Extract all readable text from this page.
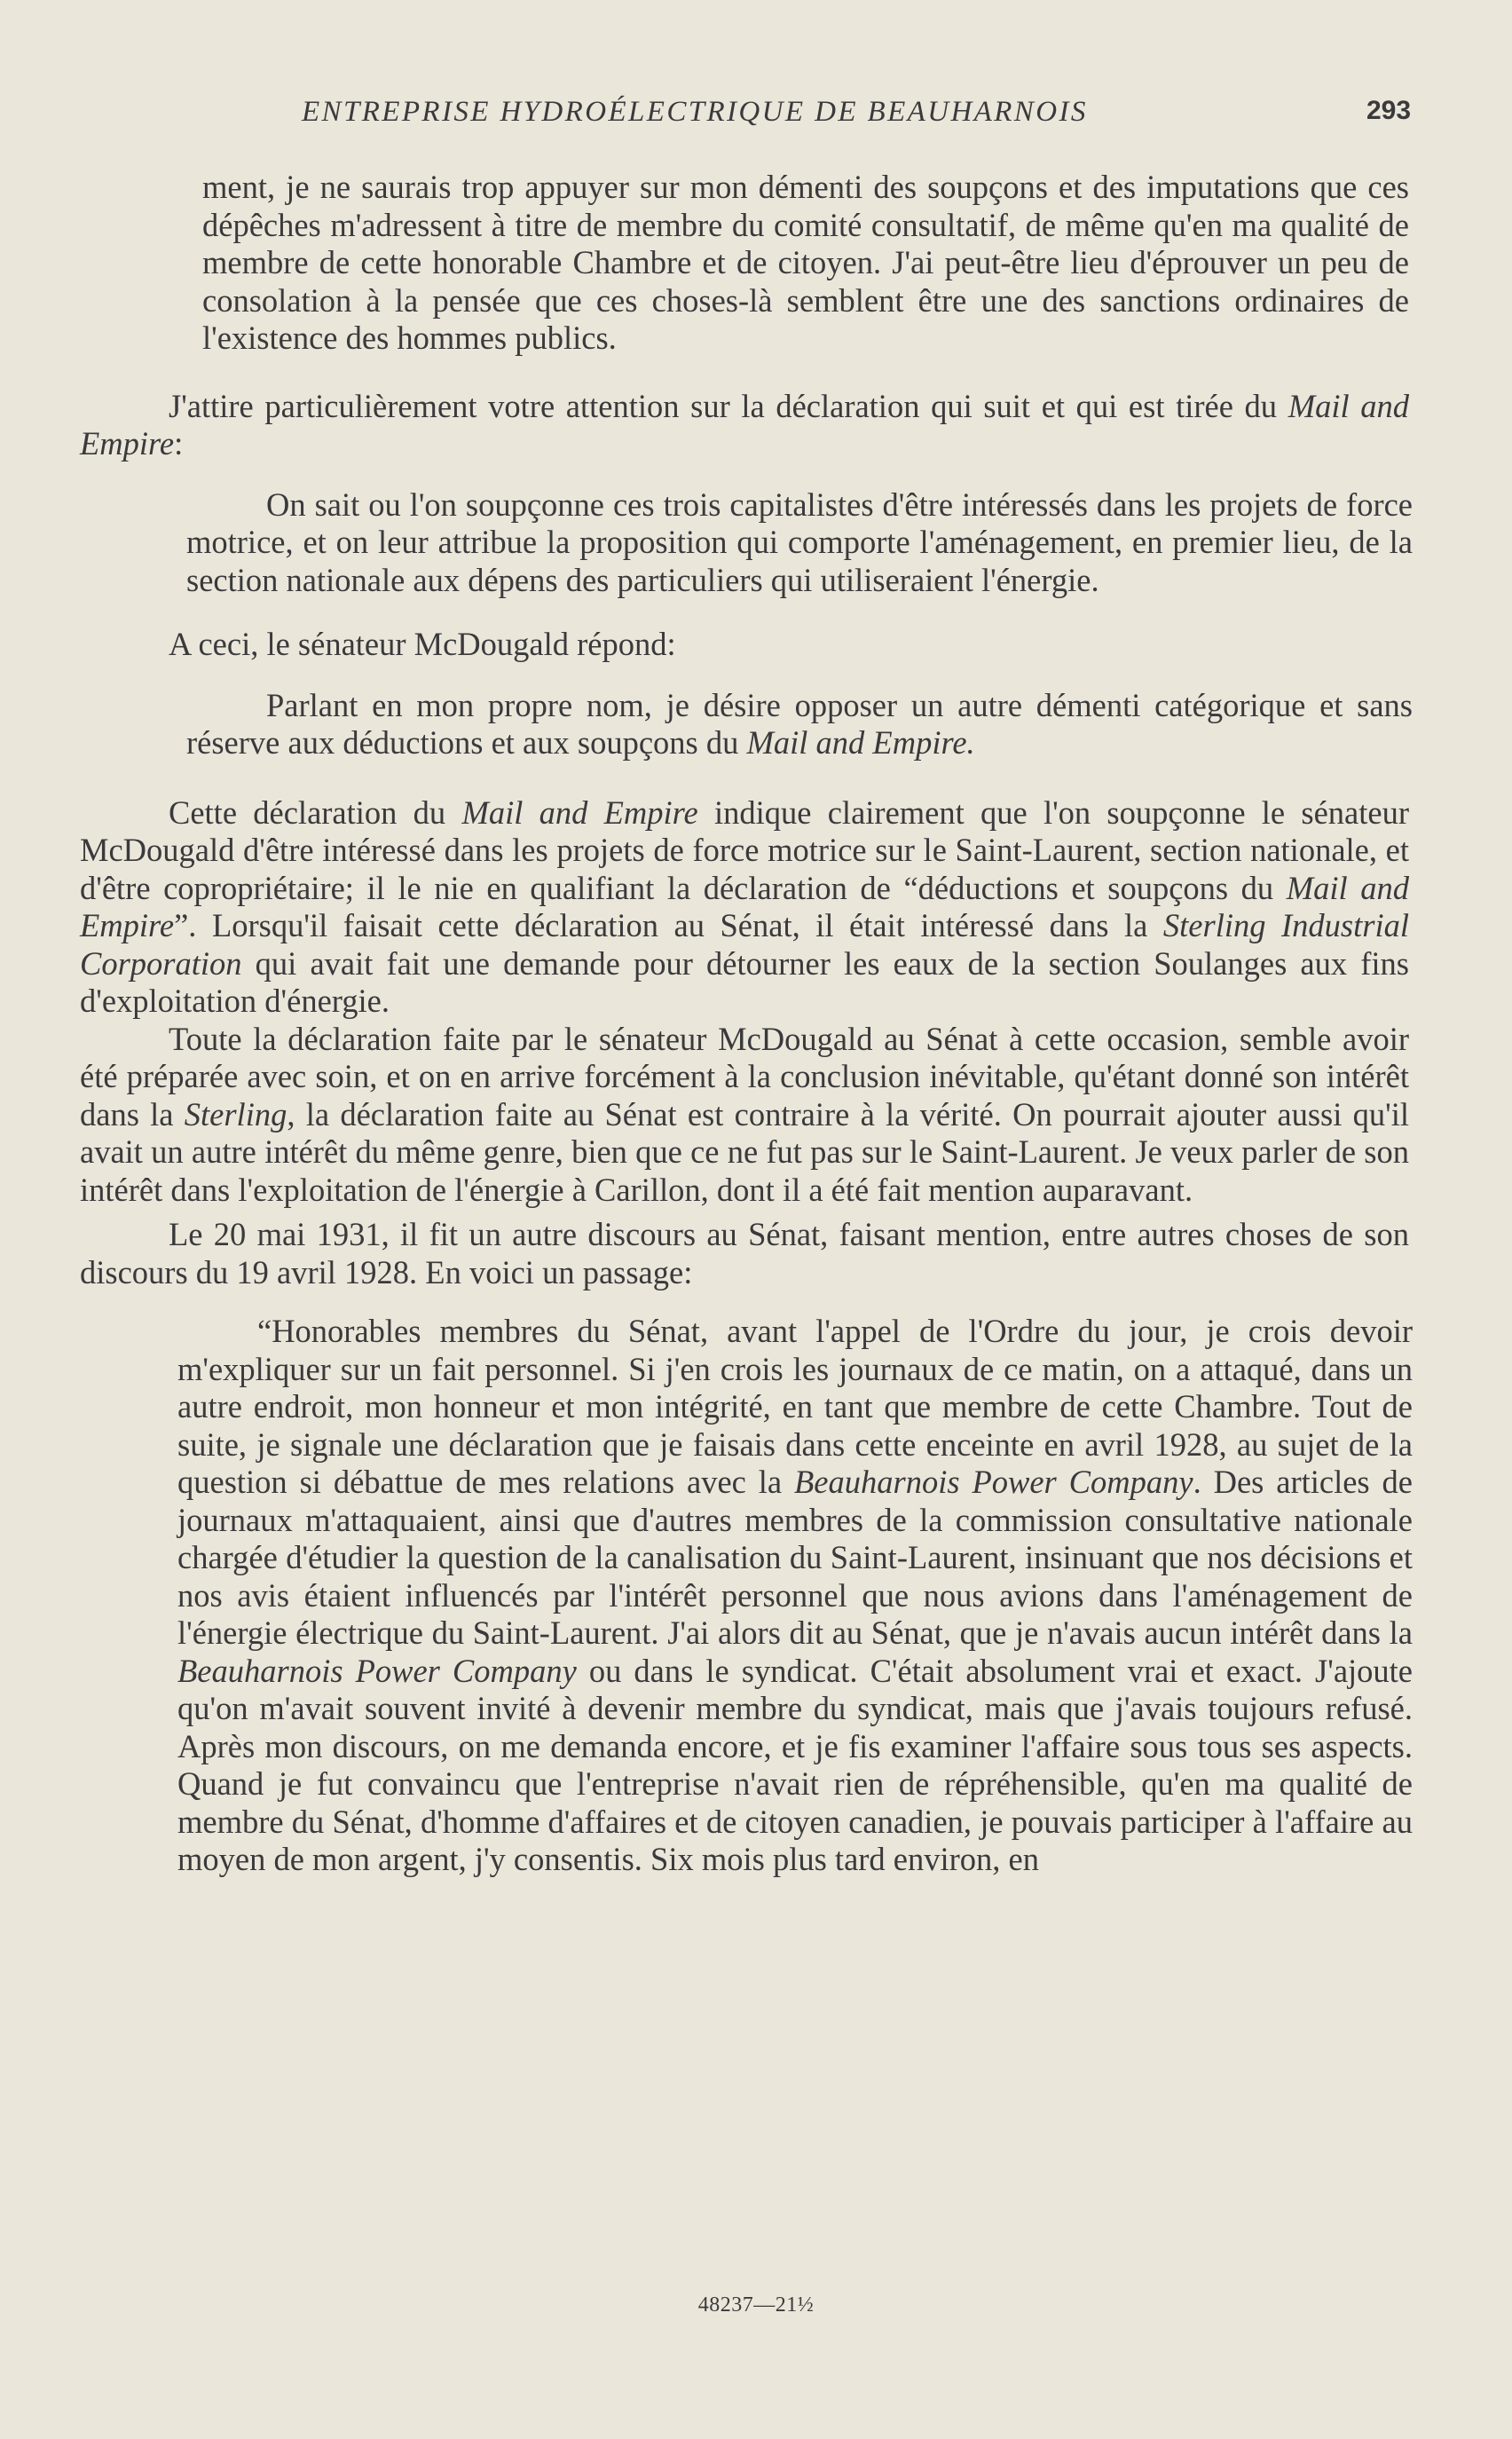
ENTREPRISE HYDROÉLECTRIQUE DE BEAUHARNOIS	293

ment, je ne saurais trop appuyer sur mon démenti des soupçons et des imputations que ces dépêches m'adressent à titre de membre du comité consultatif, de même qu'en ma qualité de membre de cette honorable Chambre et de citoyen. J'ai peut-être lieu d'éprouver un peu de consolation à la pensée que ces choses-là semblent être une des sanctions ordinaires de l'existence des hommes publics.

J'attire particulièrement votre attention sur la déclaration qui suit et qui est tirée du Mail and Empire:

On sait ou l'on soupçonne ces trois capitalistes d'être intéressés dans les projets de force motrice, et on leur attribue la proposition qui comporte l'aménagement, en premier lieu, de la section nationale aux dépens des particuliers qui utiliseraient l'énergie.

A ceci, le sénateur McDougald répond:

Parlant en mon propre nom, je désire opposer un autre démenti catégorique et sans réserve aux déductions et aux soupçons du Mail and Empire.

Cette déclaration du Mail and Empire indique clairement que l'on soupçonne le sénateur McDougald d'être intéressé dans les projets de force motrice sur le Saint-Laurent, section nationale, et d'être copropriétaire; il le nie en qualifiant la déclaration de “déductions et soupçons du Mail and Empire”. Lorsqu'il faisait cette déclaration au Sénat, il était intéressé dans la Sterling Industrial Corporation qui avait fait une demande pour détourner les eaux de la section Soulanges aux fins d'exploitation d'énergie.

Toute la déclaration faite par le sénateur McDougald au Sénat à cette occasion, semble avoir été préparée avec soin, et on en arrive forcément à la conclusion inévitable, qu'étant donné son intérêt dans la Sterling, la déclaration faite au Sénat est contraire à la vérité. On pourrait ajouter aussi qu'il avait un autre intérêt du même genre, bien que ce ne fut pas sur le Saint-Laurent. Je veux parler de son intérêt dans l'exploitation de l'énergie à Carillon, dont il a été fait mention auparavant.

Le 20 mai 1931, il fit un autre discours au Sénat, faisant mention, entre autres choses de son discours du 19 avril 1928. En voici un passage:

“Honorables membres du Sénat, avant l'appel de l'Ordre du jour, je crois devoir m'expliquer sur un fait personnel. Si j'en crois les journaux de ce matin, on a attaqué, dans un autre endroit, mon honneur et mon intégrité, en tant que membre de cette Chambre. Tout de suite, je signale une déclaration que je faisais dans cette enceinte en avril 1928, au sujet de la question si débattue de mes relations avec la Beauharnois Power Company. Des articles de journaux m'attaquaient, ainsi que d'autres membres de la commission consultative nationale chargée d'étudier la question de la canalisation du Saint-Laurent, insinuant que nos décisions et nos avis étaient influencés par l'intérêt personnel que nous avions dans l'aménagement de l'énergie électrique du Saint-Laurent. J'ai alors dit au Sénat, que je n'avais aucun intérêt dans la Beauharnois Power Company ou dans le syndicat. C'était absolument vrai et exact. J'ajoute qu'on m'avait souvent invité à devenir membre du syndicat, mais que j'avais toujours refusé. Après mon discours, on me demanda encore, et je fis examiner l'affaire sous tous ses aspects. Quand je fut convaincu que l'entreprise n'avait rien de répréhensible, qu'en ma qualité de membre du Sénat, d'homme d'affaires et de citoyen canadien, je pouvais participer à l'affaire au moyen de mon argent, j'y consentis. Six mois plus tard environ, en

48237—21½
